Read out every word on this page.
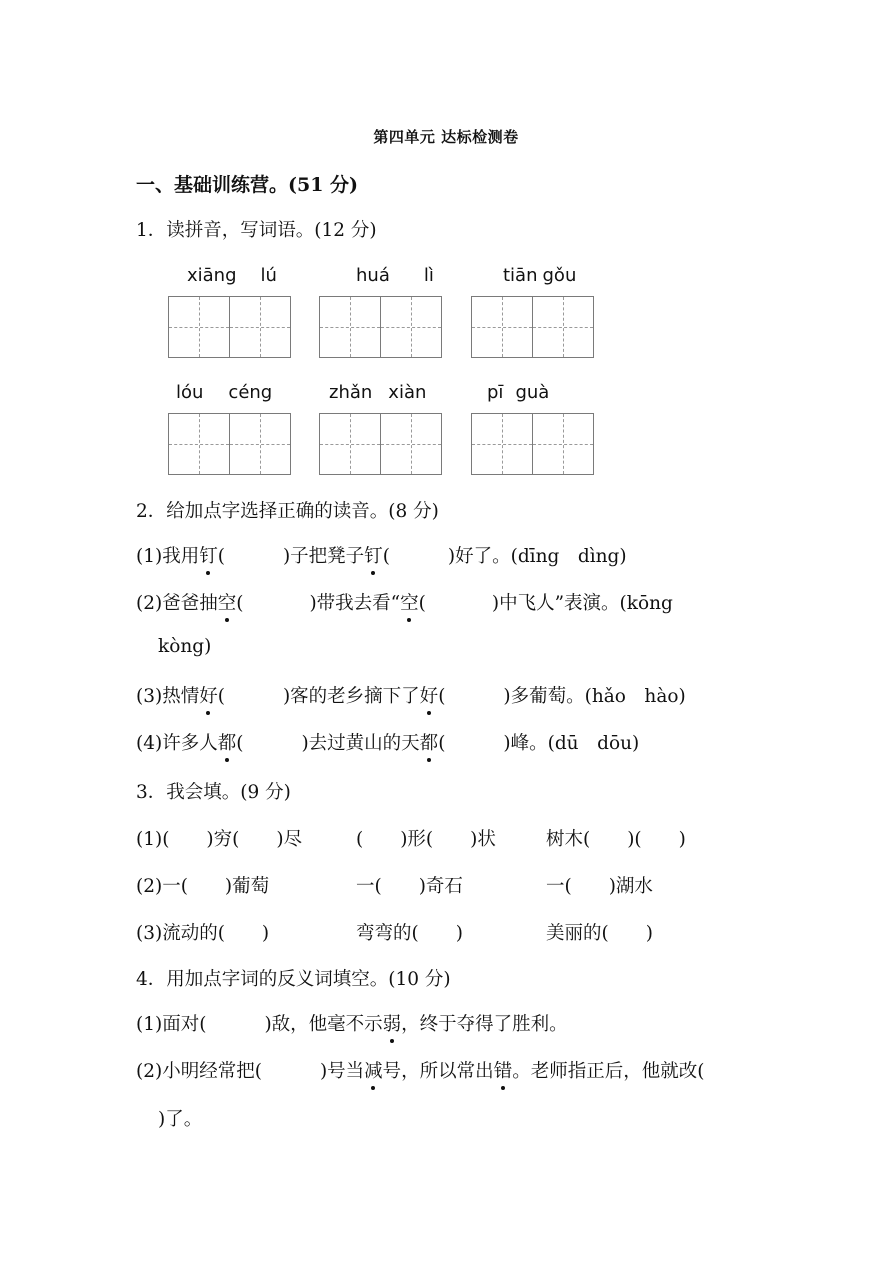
第四单元 达标检测卷
一、基础训练营。(51 分)
1．读拼音，写词语。(12 分)
xiāng lú	huá lì	tiān gǒu
lóu céng	zhǎn xiàn	pī guà
2．给加点字选择正确的读音。(8 分)
(1)我用钉(	)子把凳子钉(	)好了。(dīng　dìng)
(2)爸爸抽空(	)带我去看“空(	)中飞人”表演。(kōng
kòng)
(3)热情好(	)客的老乡摘下了好(	)多葡萄。(hǎo　hào)
(4)许多人都(	)去过黄山的天都(	)峰。(dū　dōu)
3．我会填。(9 分)
(1)(　　)穷(　　)尽	(　　)形(　　)状	树木(　　)(　　)
(2)一(　　)葡萄	一(　　)奇石	一(　　)湖水
(3)流动的(　　)	弯弯的(　　)	美丽的(　　)
4．用加点字词的反义词填空。(10 分)
(1)面对(	)敌，他毫不示弱，终于夺得了胜利。
(2)小明经常把(	)号当减号，所以常出错。老师指正后，他就改(
)了。
